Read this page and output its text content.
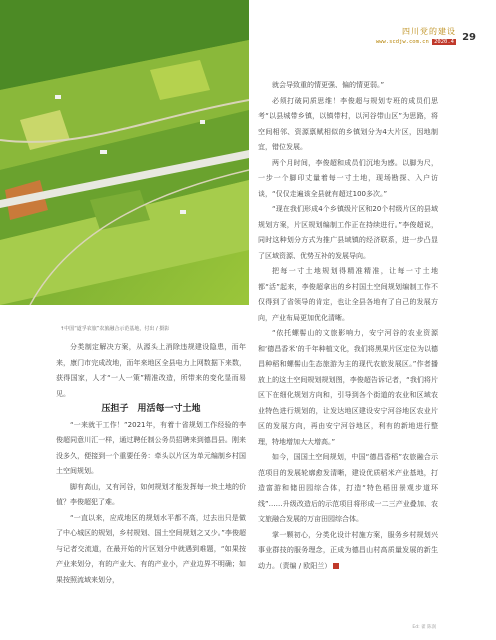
四川党的建设
www.scdjw.com.cn 2020.4 29
↑中国“道孚农旅”农旅融合示范基地，付出 / 摄影

分类制定解决方案，从源头上消除违规建设隐患，而年来，康门市完成改地，而年来地区全县电力上网数据下来数，获得国家，人才“一人一策”精准改造，所带来的变化显而易见。

压担子　用活每一寸土地

“一来就干工作！”2021年，有着十省规划工作经验的李俊超同意川汇一样，通过聘任制公务员招聘来到德昌县。刚来没多久，便接到一个重要任务：牵头以片区为单元编制乡村国土空间规划。

脚有高山，又有河谷，如何规划才能发挥每一块土地的价值？李俊超犯了难。

“一直以来，应成地区的规划水平都不高，过去出只是做了中心城区的规划，乡村规划、国土空间规划之又少。”李俊超与记者交流道，在最开始的片区划分中就遇到难题，“如果按产业来划分，有的产业大、有的产业小，产业边界不明确；如果按照流域来划分，

就会导致重的情更强、偏的情更弱。”

必须打破同质思维！李俊超与规划专班的成员们思考“以县城带乡镇，以镇带村，以河谷带山区”为思路，将空间相邻、资源禀赋相似的乡镇划分为4大片区，因地制宜，错位发展。

两个月时间，李俊超和成员们沉地为感。以脚为尺，一步一个脚印丈量着每一寸土地，现场勘探、入户访谈，“仅仅走遍该全县就有超过100多次。”

“现在我们形成4个乡镇级片区和20个村级片区的县域规划方案，片区规划编制工作正在持续进行。”李俊超说，同时这种划分方式为推广县域镇的经济联系，进一步凸显了区域资源、优势互补的发展导向。

把每一寸土地规划得精准精准，让每一寸土地都“活”起来，李俊超拿出的乡村国土空间规划编制工作不仅得到了省领导的肯定，也让全县各地有了自己的发展方向，产业布局更加优化清晰。

“依托螺髻山的文旅影响力，安宁河谷的农业资源和‘德昌香米’的千年种植文化，我们将黑果片区定位为以德昌种稻和螺髻山生态旅游为主的现代农旅发展区。”作者播放上的这土空间规划规划图，李俊超告诉记者，“我们将片区下在细化规划方向和，引导到各个街道的农业和区域农业特色进行规划的，让发达地区建设安宁河谷地区农业片区的发展方向，再由安宁河谷地区，利有的新地进行整理，特地增加大大增高。”

如今，国国土空间规划，中国“德昌香稻”农旅融合示范项目的发展轮廓愈发清晰，建设优质稻米产业基地，打造富游和储田园综合体，打造“特色稻田景观步道环线”……升级改造后的示范项目将形成一二三产业叠加、农文旅融合发展的万亩田园综合体。

掌一颗初心，分类化设计村施方案，服务乡村规划兴事业群技的服务理念，正成为德昌山村高质量发展的新生动力。（责编 / 欧阳兰）

Ed: 翟 陈润
